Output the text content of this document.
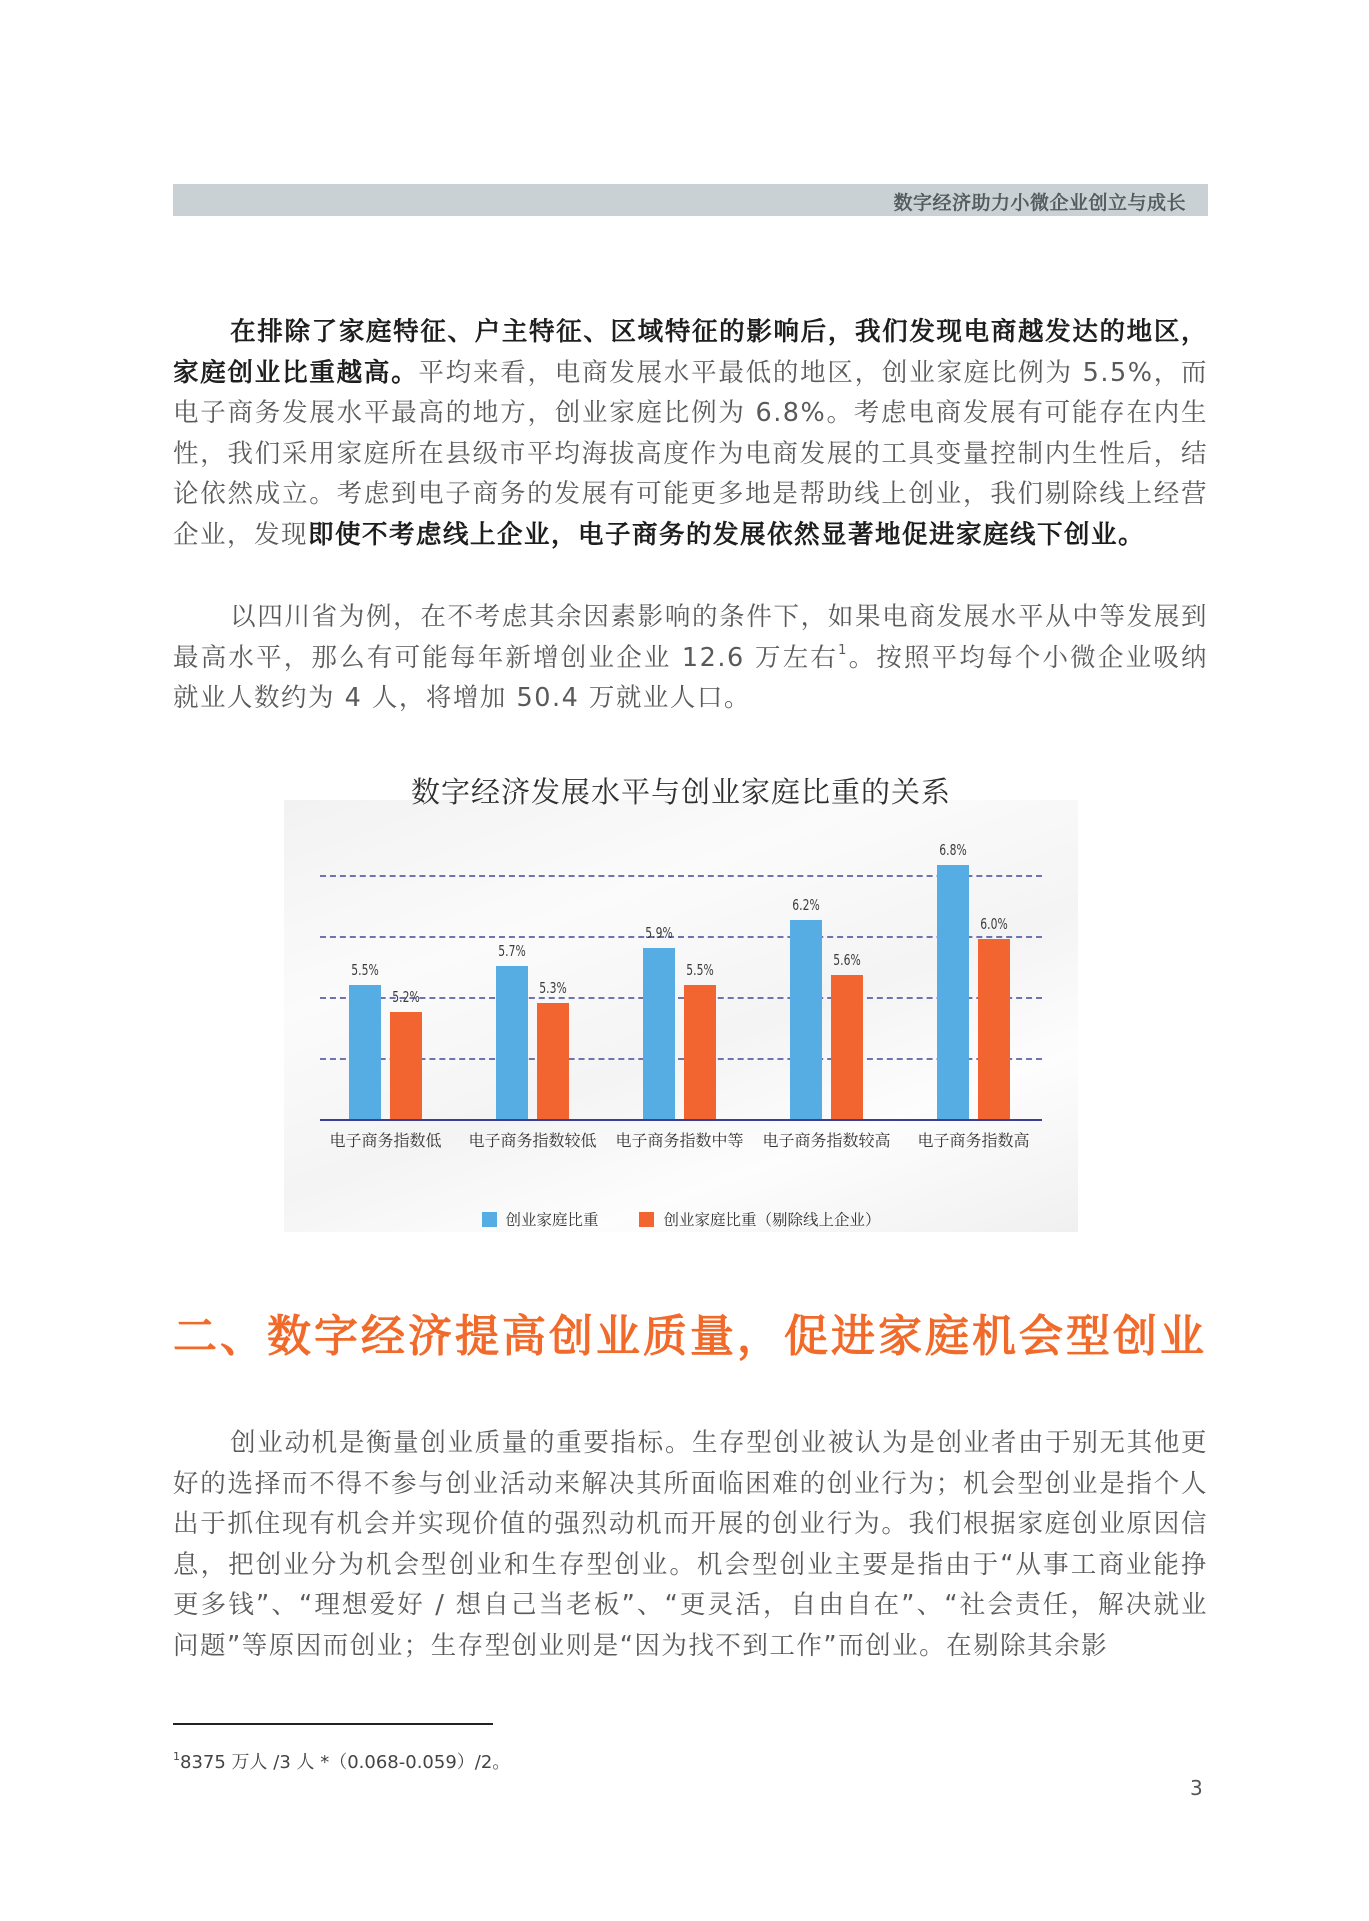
数字经济助力小微企业创立与成长

在排除了家庭特征、户主特征、区域特征的影响后，我们发现电商越发达的地区，家庭创业比重越高。平均来看，电商发展水平最低的地区，创业家庭比例为 5.5%，而电子商务发展水平最高的地方，创业家庭比例为 6.8%。考虑电商发展有可能存在内生性，我们采用家庭所在县级市平均海拔高度作为电商发展的工具变量控制内生性后，结论依然成立。考虑到电子商务的发展有可能更多地是帮助线上创业，我们剔除线上经营企业，发现即使不考虑线上企业，电子商务的发展依然显著地促进家庭线下创业。

以四川省为例，在不考虑其余因素影响的条件下，如果电商发展水平从中等发展到最高水平，那么有可能每年新增创业企业 12.6 万左右$^1$。按照平均每个小微企业吸纳就业人数约为 4 人，将增加 50.4 万就业人口。

数字经济发展水平与创业家庭比重的关系
5.5%
5.2%
电子商务指数低
5.7%
5.3%
电子商务指数较低
5.9%
5.5%
电子商务指数中等
6.2%
5.6%
电子商务指数较高
6.8%
6.0%
电子商务指数高
创业家庭比重
	创业家庭比重（剔除线上企业）
二、数字经济提高创业质量，促进家庭机会型创业

创业动机是衡量创业质量的重要指标。生存型创业被认为是创业者由于别无其他更好的选择而不得不参与创业活动来解决其所面临困难的创业行为；机会型创业是指个人出于抓住现有机会并实现价值的强烈动机而开展的创业行为。我们根据家庭创业原因信息，把创业分为机会型创业和生存型创业。机会型创业主要是指由于“从事工商业能挣更多钱”、“理想爱好 / 想自己当老板”、“更灵活，自由自在”、“社会责任，解决就业问题”等原因而创业；生存型创业则是“因为找不到工作”而创业。在剔除其余影

$^1$8375 万人 /3 人 *（0.068-0.059）/2。
3
